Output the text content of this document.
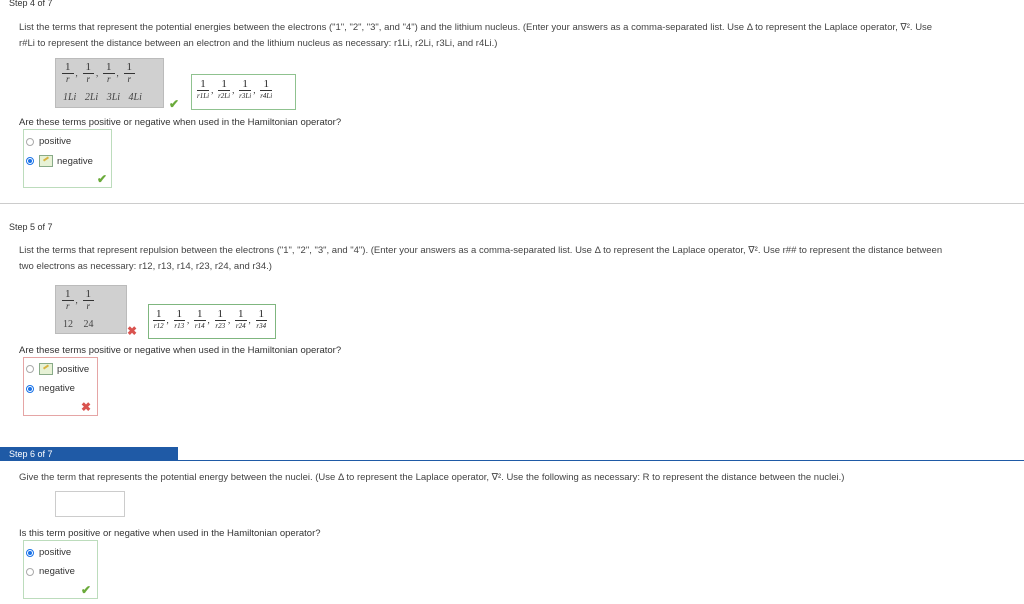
Step 4 of 7
List the terms that represent the potential energies between the electrons ("1", "2", "3", and "4") and the lithium nucleus. (Enter your answers as a comma-separated list. Use Δ to represent the Laplace operator, ∇². Use
r#Li to represent the distance between an electron and the lithium nucleus as necessary: r1Li, r2Li, r3Li, and r4Li.)
$\frac{1}{r}$ , $\frac{1}{r}$ , $\frac{1}{r}$ , $\frac{1}{r}$
1Li 2Li 3Li 4Li ✔
$\frac{1}{r1Li}$ , $\frac{1}{r2Li}$ , $\frac{1}{r3Li}$ , $\frac{1}{r4Li}$
Are these terms positive or negative when used in the Hamiltonian operator?
positive
negative
✔
Step 5 of 7
List the terms that represent repulsion between the electrons ("1", "2", "3", and "4"). (Enter your answers as a comma-separated list. Use Δ to represent the Laplace operator, ∇². Use r## to represent the distance between
two electrons as necessary: r12, r13, r14, r23, r24, and r34.)
$\frac{1}{r}$ , $\frac{1}{r}$
12 24	✖ $\frac{1}{r12}$ , $\frac{1}{r13}$ , $\frac{1}{r14}$ , $\frac{1}{r23}$ , $\frac{1}{r24}$ , $\frac{1}{r34}$
Are these terms positive or negative when used in the Hamiltonian operator?
positive
negative
✖
Step 6 of 7
Give the term that represents the potential energy between the nuclei. (Use Δ to represent the Laplace operator, ∇². Use the following as necessary: R to represent the distance between the nuclei.)
Is this term positive or negative when used in the Hamiltonian operator?
positive
negative
✔
